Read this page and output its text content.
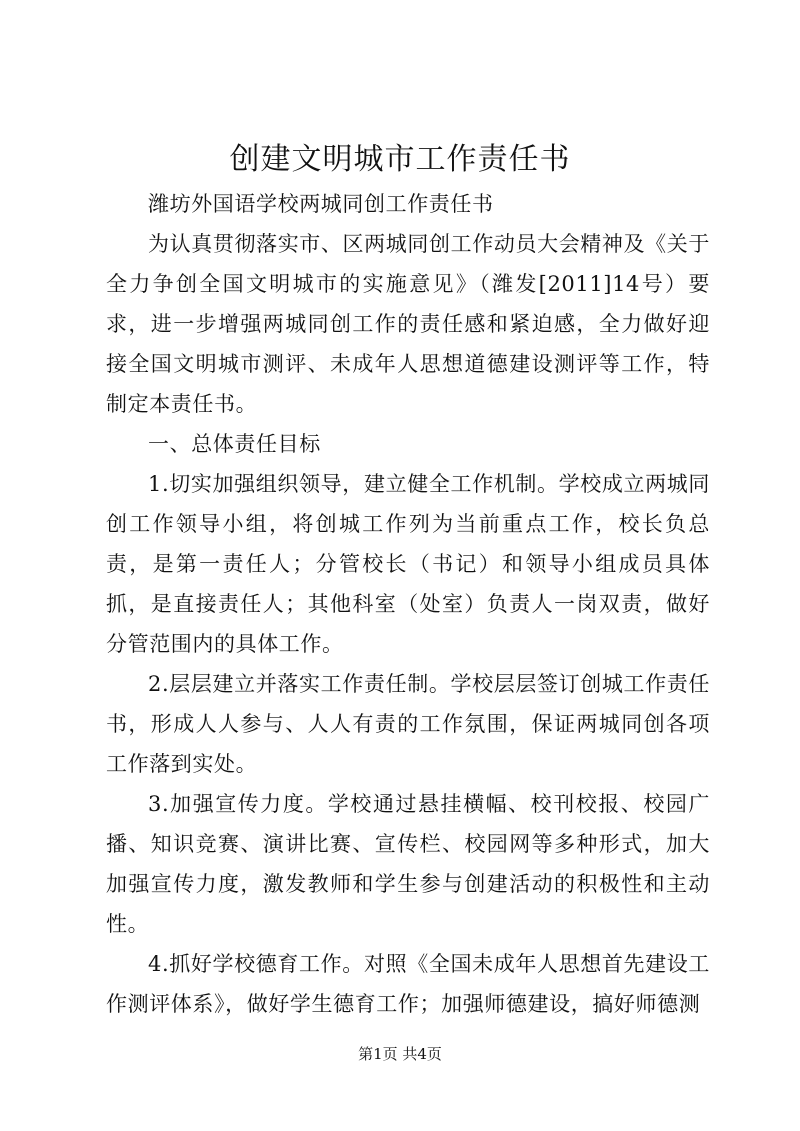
创建文明城市工作责任书

潍坊外国语学校两城同创工作责任书

为认真贯彻落实市、区两城同创工作动员大会精神及《关于全力争创全国文明城市的实施意见》（潍发[2011]14号）要求，进一步增强两城同创工作的责任感和紧迫感，全力做好迎接全国文明城市测评、未成年人思想道德建设测评等工作，特制定本责任书。

一、总体责任目标

1.切实加强组织领导，建立健全工作机制。学校成立两城同创工作领导小组，将创城工作列为当前重点工作，校长负总责，是第一责任人；分管校长（书记）和领导小组成员具体抓，是直接责任人；其他科室（处室）负责人一岗双责，做好分管范围内的具体工作。

2.层层建立并落实工作责任制。学校层层签订创城工作责任书，形成人人参与、人人有责的工作氛围，保证两城同创各项工作落到实处。

3.加强宣传力度。学校通过悬挂横幅、校刊校报、校园广播、知识竞赛、演讲比赛、宣传栏、校园网等多种形式，加大加强宣传力度，激发教师和学生参与创建活动的积极性和主动性。

4.抓好学校德育工作。对照《全国未成年人思想首先建设工作测评体系》，做好学生德育工作；加强师德建设，搞好师德测

第1页 共4页
